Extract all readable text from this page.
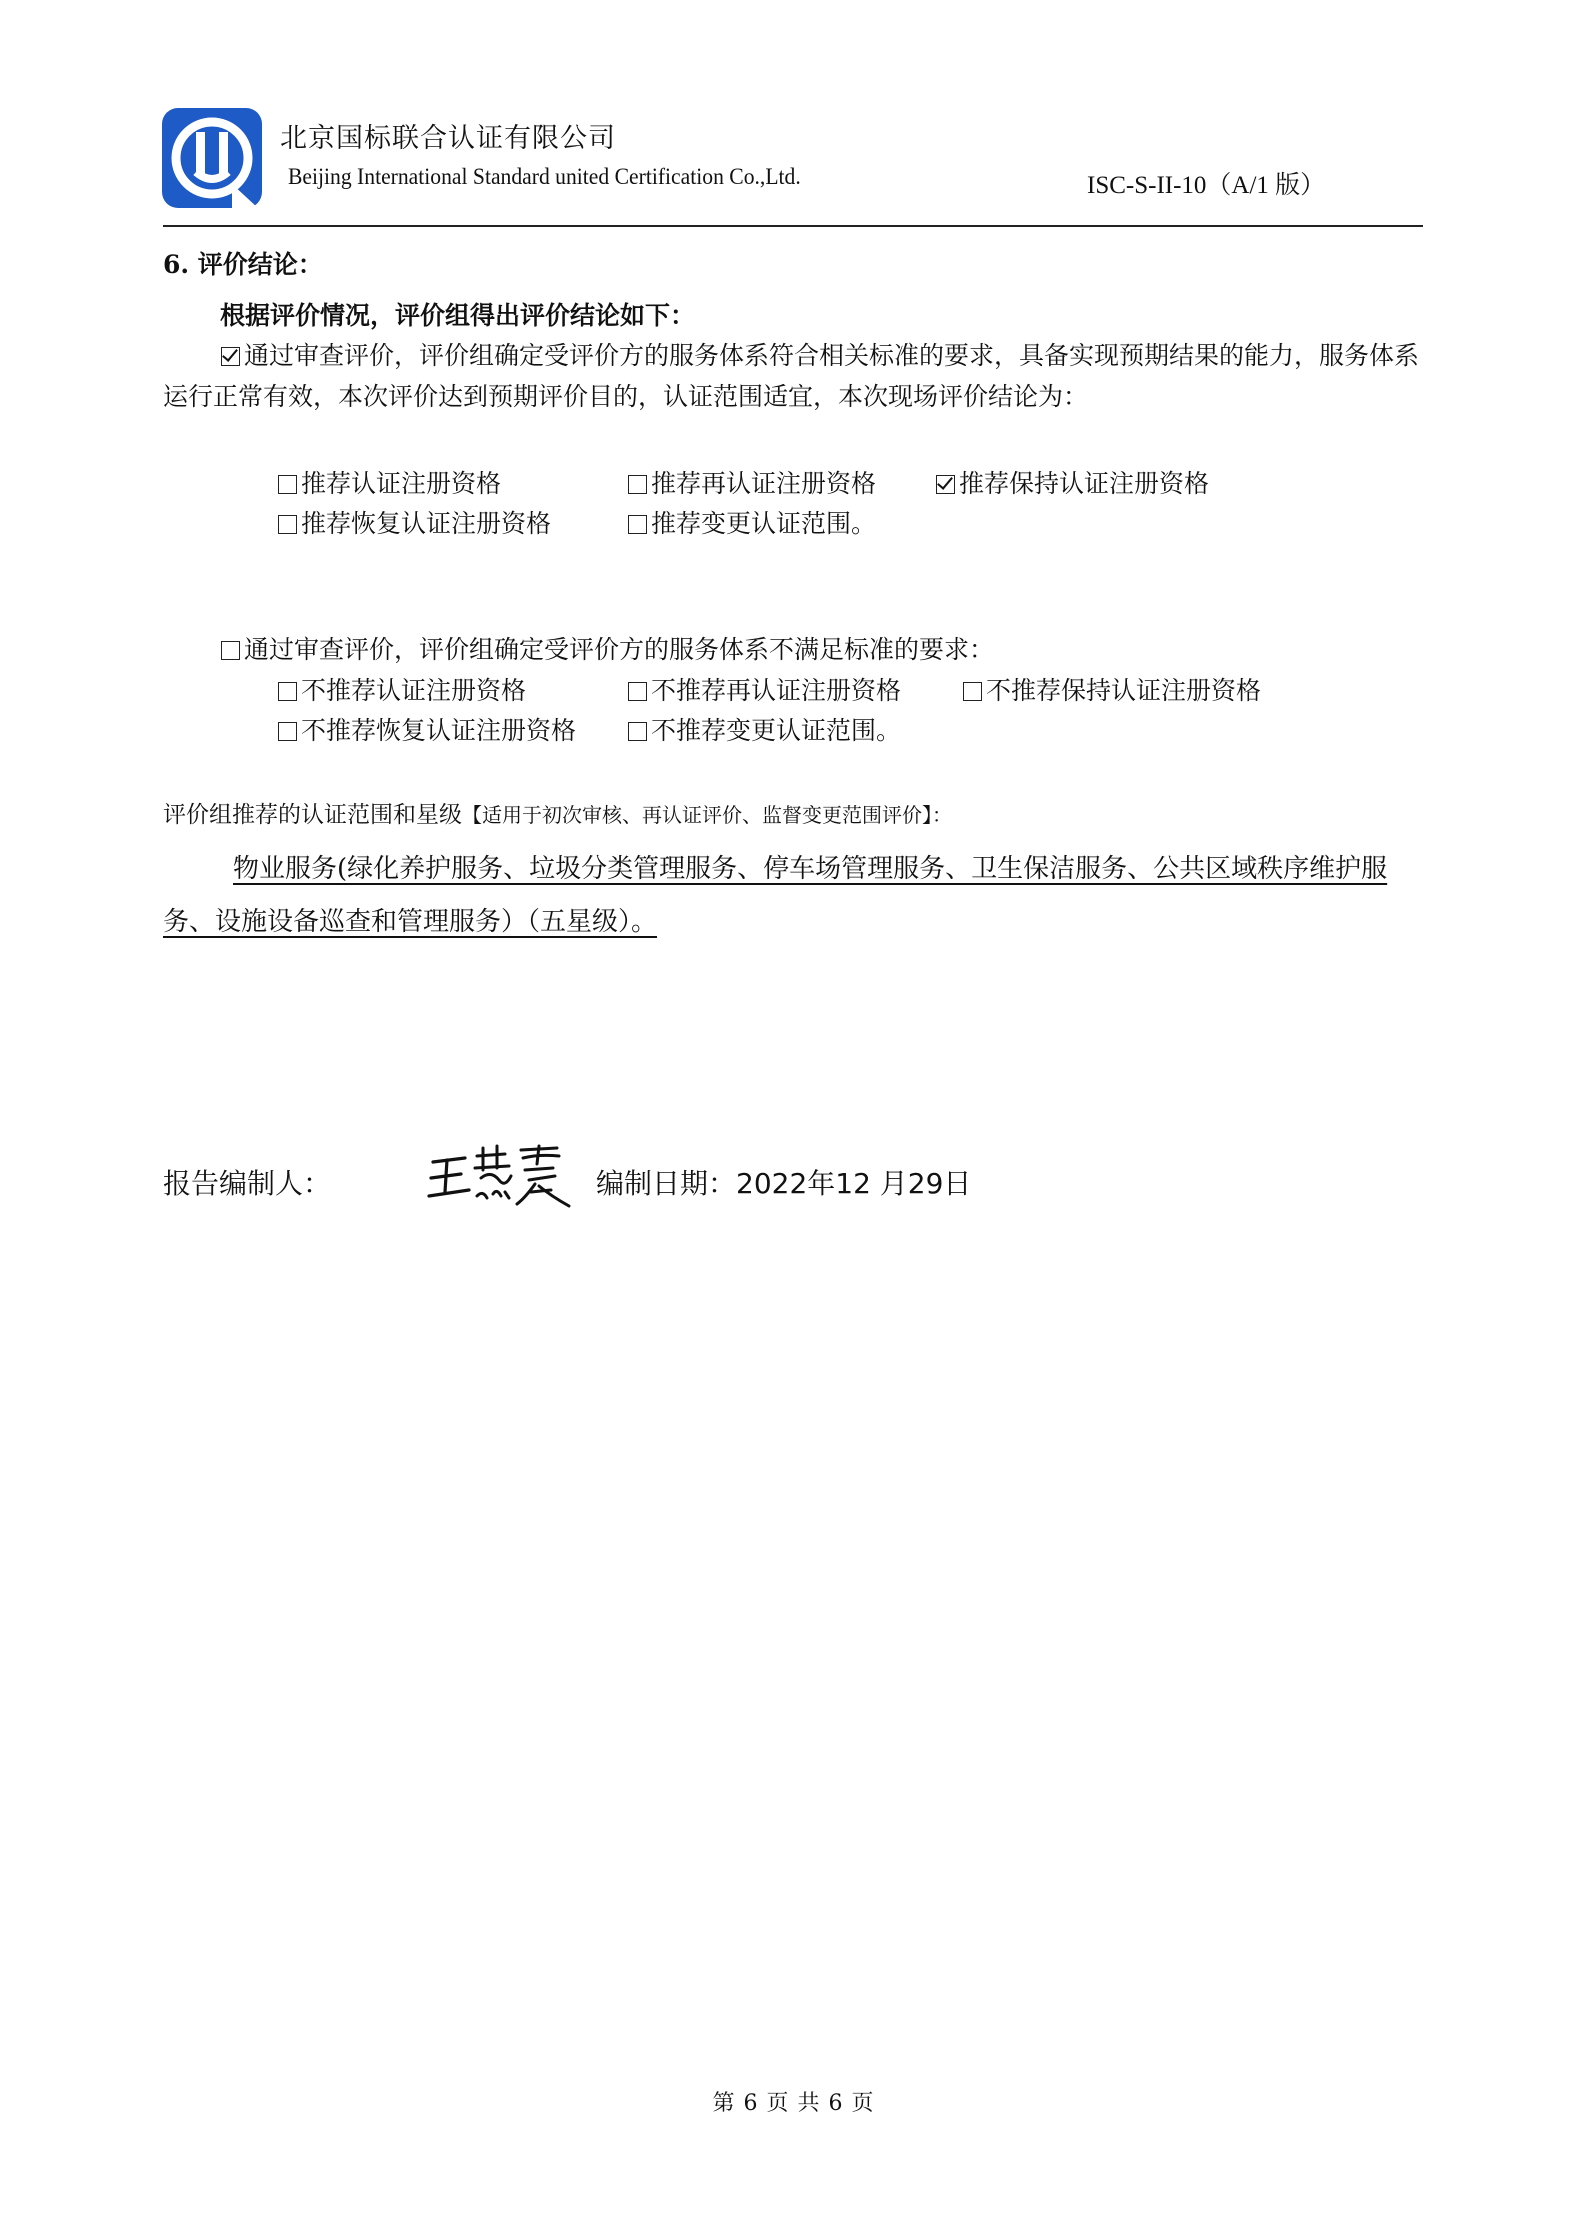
北京国标联合认证有限公司
Beijing International Standard united Certification Co.,Ltd.	ISC-S-II-10（A/1 版）
6. 评价结论：
根据评价情况，评价组得出评价结论如下：
通过审查评价，评价组确定受评价方的服务体系符合相关标准的要求，具备实现预期结果的能力，服务体系运行正常有效，本次评价达到预期评价目的，认证范围适宜，本次现场评价结论为：
推荐认证注册资格	推荐再认证注册资格	推荐保持认证注册资格
推荐恢复认证注册资格	推荐变更认证范围。
通过审查评价，评价组确定受评价方的服务体系不满足标准的要求：
不推荐认证注册资格	不推荐再认证注册资格	不推荐保持认证注册资格
不推荐恢复认证注册资格	不推荐变更认证范围。
评价组推荐的认证范围和星级【适用于初次审核、再认证评价、监督变更范围评价】：
物业服务(绿化养护服务、垃圾分类管理服务、停车场管理服务、卫生保洁服务、公共区域秩序维护服务、设施设备巡查和管理服务）（五星级）。
报告编制人：	编制日期：2022年12 月29日
第 6 页 共 6 页
